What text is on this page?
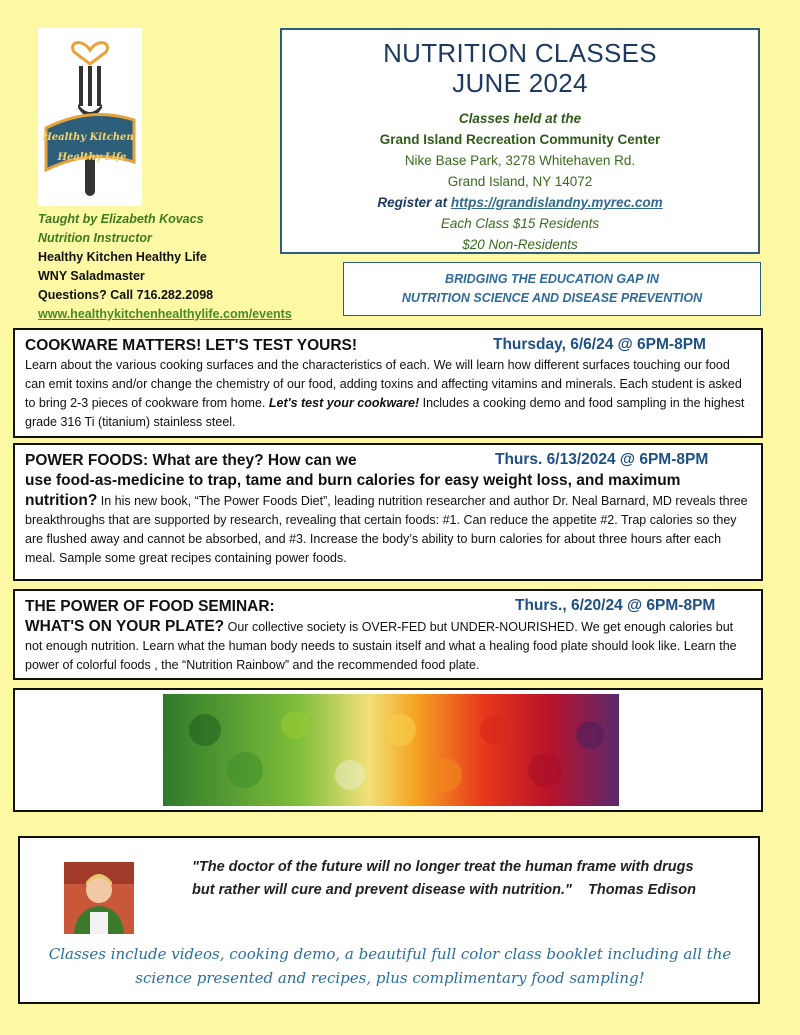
Healthy Kitchen
Healthy Life
NUTRITION CLASSES
JUNE 2024
Classes held at the
Grand Island Recreation Community Center
Nike Base Park, 3278 Whitehaven Rd.
Grand Island, NY 14072
Register at https://grandislandny.myrec.com
Each Class $15 Residents
$20 Non-Residents
Taught by Elizabeth Kovacs
Nutrition Instructor
Healthy Kitchen Healthy Life
WNY Saladmaster
Questions? Call 716.282.2098
www.healthykitchenhealthylife.com/events
BRIDGING THE EDUCATION GAP IN
NUTRITION SCIENCE AND DISEASE PREVENTION
COOKWARE MATTERS! LET'S TEST YOURS!	Thursday, 6/6/24 @ 6PM-8PM
Learn about the various cooking surfaces and the characteristics of each. We will learn how different surfaces touching our food can emit toxins and/or change the chemistry of our food, adding toxins and affecting vitamins and minerals. Each student is asked to bring 2-3 pieces of cookware from home. Let's test your cookware! Includes a cooking demo and food sampling in the highest grade 316 Ti (titanium) stainless steel.
POWER FOODS: What are they? How can we	Thurs. 6/13/2024 @ 6PM-8PM
use food-as-medicine to trap, tame and burn calories for easy weight loss, and maximum
nutrition? In his new book, “The Power Foods Diet”, leading nutrition researcher and author Dr. Neal Barnard, MD reveals three breakthroughs that are supported by research, revealing that certain foods: #1. Can reduce the appetite #2. Trap calories so they are flushed away and cannot be absorbed, and #3. Increase the body’s ability to burn calories for about three hours after each meal. Sample some great recipes containing power foods.
THE POWER OF FOOD SEMINAR:	Thurs., 6/20/24 @ 6PM-8PM
WHAT'S ON YOUR PLATE? Our collective society is OVER-FED but UNDER-NOURISHED. We get enough calories but not enough nutrition. Learn what the human body needs to sustain itself and what a healing food plate should look like. Learn the power of colorful foods , the “Nutrition Rainbow” and the recommended food plate.
"The doctor of the future will no longer treat the human frame with drugs but rather will cure and prevent disease with nutrition." Thomas Edison
Classes include videos, cooking demo, a beautiful full color class booklet including all the science presented and recipes, plus complimentary food sampling!
